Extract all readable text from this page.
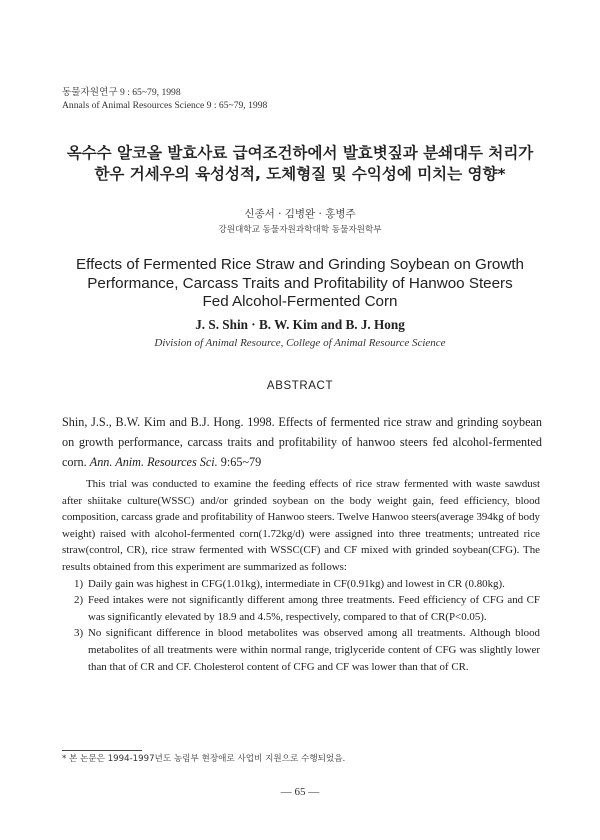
동물자원연구 9 : 65~79, 1998
Annals of Animal Resources Science 9 : 65~79, 1998
옥수수 알코올 발효사료 급여조건하에서 발효볏짚과 분쇄대두 처리가
한우 거세우의 육성성적, 도체형질 및 수익성에 미치는 영향*
신종서 · 김병완 · 홍병주
강원대학교 동물자원과학대학 동물자원학부
Effects of Fermented Rice Straw and Grinding Soybean on Growth
Performance, Carcass Traits and Profitability of Hanwoo Steers
Fed Alcohol-Fermented Corn
J. S. Shin · B. W. Kim and B. J. Hong
Division of Animal Resource, College of Animal Resource Science
ABSTRACT
Shin, J.S., B.W. Kim and B.J. Hong. 1998. Effects of fermented rice straw and grinding soybean on growth performance, carcass traits and profitability of hanwoo steers fed alcohol-fermented corn. Ann. Anim. Resources Sci. 9:65~79

This trial was conducted to examine the feeding effects of rice straw fermented with waste sawdust after shiitake culture(WSSC) and/or grinded soybean on the body weight gain, feed efficiency, blood composition, carcass grade and profitability of Hanwoo steers. Twelve Hanwoo steers(average 394kg of body weight) raised with alcohol-fermented corn(1.72kg/d) were assigned into three treatments; untreated rice straw(control, CR), rice straw fermented with WSSC(CF) and CF mixed with grinded soybean(CFG). The results obtained from this experiment are summarized as follows:

1) Daily gain was highest in CFG(1.01kg), intermediate in CF(0.91kg) and lowest in CR (0.80kg).
2) Feed intakes were not significantly different among three treatments. Feed efficiency of CFG and CF was significantly elevated by 18.9 and 4.5%, respectively, compared to that of CR(P<0.05).
3) No significant difference in blood metabolites was observed among all treatments. Although blood metabolites of all treatments were within normal range, triglyceride content of CFG was slightly lower than that of CR and CF. Cholesterol content of CFG and CF was lower than that of CR.
* 본 논문은 1994-1997년도 농림부 현장애로 사업비 지원으로 수행되었음.
— 65 —
